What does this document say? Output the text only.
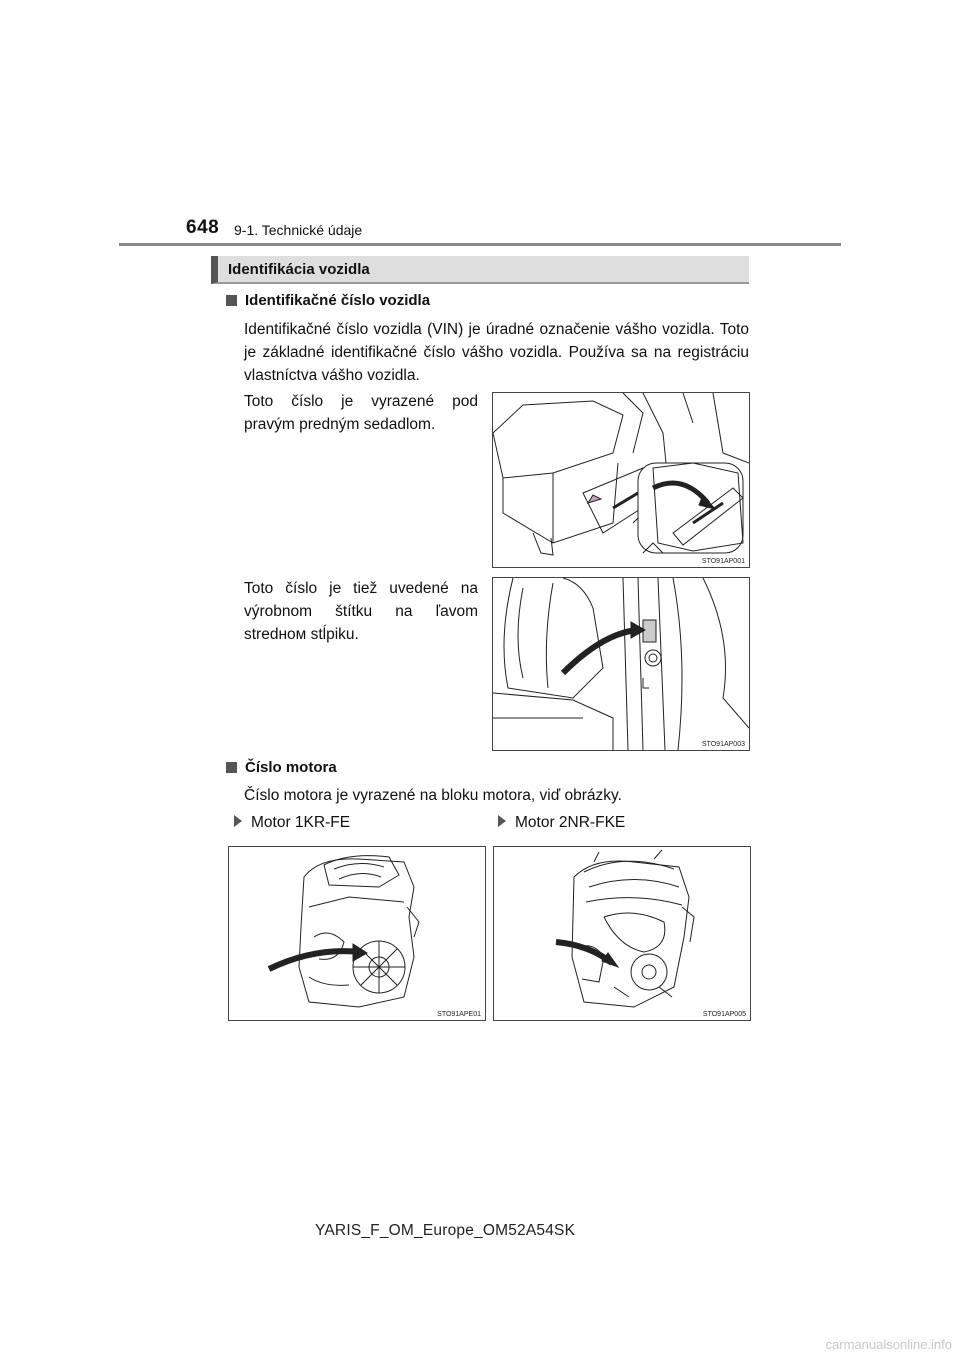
648 9-1. Technické údaje
Identifikácia vozidla
Identifikačné číslo vozidla
Identifikačné číslo vozidla (VIN) je úradné označenie vášho vozidla. Toto je základné identifikačné číslo vášho vozidla. Používa sa na registráciu vlastníctva vášho vozidla.
Toto číslo je vyrazené pod pravým predným sedadlom.
STO91AP001
Toto číslo je tiež uvedené na výrobnom štítku na ľavom stredном stĺpiku.
STO91AP003
Číslo motora
Číslo motora je vyrazené na bloku motora, viď obrázky.
Motor 1KR-FE	Motor 2NR-FKE
STO91APE01	STO91AP005
YARIS_F_OM_Europe_OM52A54SK
carmanualsonline.info
